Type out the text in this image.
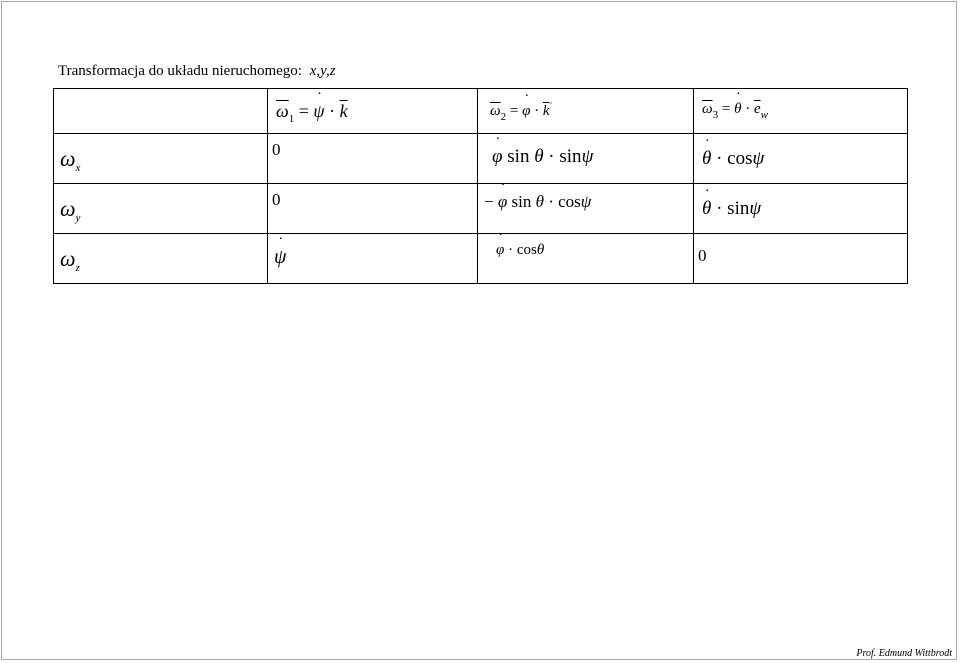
Transformacja do układu nieruchomego: x,y,z

	$\overline{\omega}_1 = \psi$ ˙ · $\overline{k}$	$\overline{\omega}_2 = \varphi$ ˙ · $\overline{k}^´$	$\overline{\omega}_3 = \theta$ ˙ · $\overline{e}_w$

$\omega_x$	0	φ ˙ sin θ · sinψ	θ ˙ · cosψ

$\omega_y$	0	− φ ˙ sin θ · cosψ	θ ˙ · sinψ

$\omega_z$	ψ ˙	φ ˙ · cosθ	0
Prof. Edmund Wittbrodt
